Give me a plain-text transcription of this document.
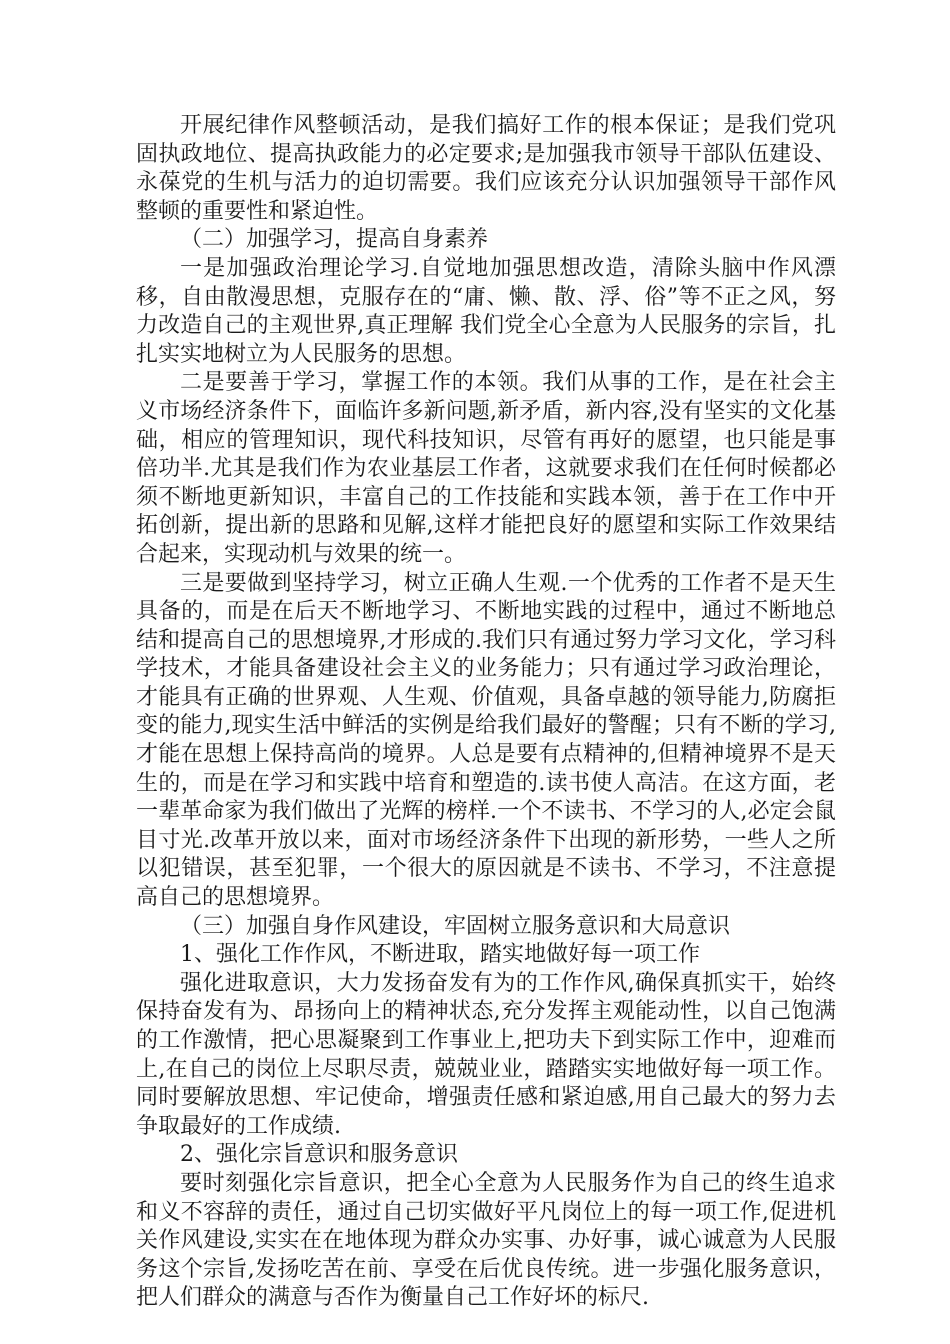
开展纪律作风整顿活动，是我们搞好工作的根本保证；是我们党巩固执政地位、提高执政能力的必定要求;是加强我市领导干部队伍建设、永葆党的生机与活力的迫切需要。我们应该充分认识加强领导干部作风整顿的重要性和紧迫性。

（二）加强学习，提高自身素养

一是加强政治理论学习.自觉地加强思想改造，清除头脑中作风漂移，自由散漫思想，克服存在的“庸、懒、散、浮、俗”等不正之风，努力改造自己的主观世界,真正理解 我们党全心全意为人民服务的宗旨，扎扎实实地树立为人民服务的思想。

二是要善于学习，掌握工作的本领。我们从事的工作，是在社会主义市场经济条件下，面临许多新问题,新矛盾，新内容,没有坚实的文化基础，相应的管理知识，现代科技知识，尽管有再好的愿望，也只能是事倍功半.尤其是我们作为农业基层工作者，这就要求我们在任何时候都必须不断地更新知识，丰富自己的工作技能和实践本领，善于在工作中开拓创新，提出新的思路和见解,这样才能把良好的愿望和实际工作效果结合起来，实现动机与效果的统一。

三是要做到坚持学习，树立正确人生观.一个优秀的工作者不是天生具备的，而是在后天不断地学习、不断地实践的过程中，通过不断地总结和提高自己的思想境界,才形成的.我们只有通过努力学习文化，学习科学技术，才能具备建设社会主义的业务能力；只有通过学习政治理论，才能具有正确的世界观、人生观、价值观，具备卓越的领导能力,防腐拒变的能力,现实生活中鲜活的实例是给我们最好的警醒；只有不断的学习,才能在思想上保持高尚的境界。人总是要有点精神的,但精神境界不是天生的，而是在学习和实践中培育和塑造的.读书使人高洁。在这方面，老一辈革命家为我们做出了光辉的榜样.一个不读书、不学习的人,必定会鼠目寸光.改革开放以来，面对市场经济条件下出现的新形势，一些人之所以犯错误，甚至犯罪，一个很大的原因就是不读书、不学习，不注意提高自己的思想境界。

（三）加强自身作风建设，牢固树立服务意识和大局意识

1、强化工作作风，不断进取，踏实地做好每一项工作

强化进取意识，大力发扬奋发有为的工作作风,确保真抓实干，始终保持奋发有为、昂扬向上的精神状态,充分发挥主观能动性，以自己饱满的工作激情，把心思凝聚到工作事业上,把功夫下到实际工作中，迎难而上,在自己的岗位上尽职尽责，兢兢业业，踏踏实实地做好每一项工作。同时要解放思想、牢记使命，增强责任感和紧迫感,用自己最大的努力去争取最好的工作成绩.

2、强化宗旨意识和服务意识

要时刻强化宗旨意识，把全心全意为人民服务作为自己的终生追求和义不容辞的责任，通过自己切实做好平凡岗位上的每一项工作,促进机关作风建设,实实在在地体现为群众办实事、办好事，诚心诚意为人民服务这个宗旨,发扬吃苦在前、享受在后优良传统。进一步强化服务意识，把人们群众的满意与否作为衡量自己工作好坏的标尺.
